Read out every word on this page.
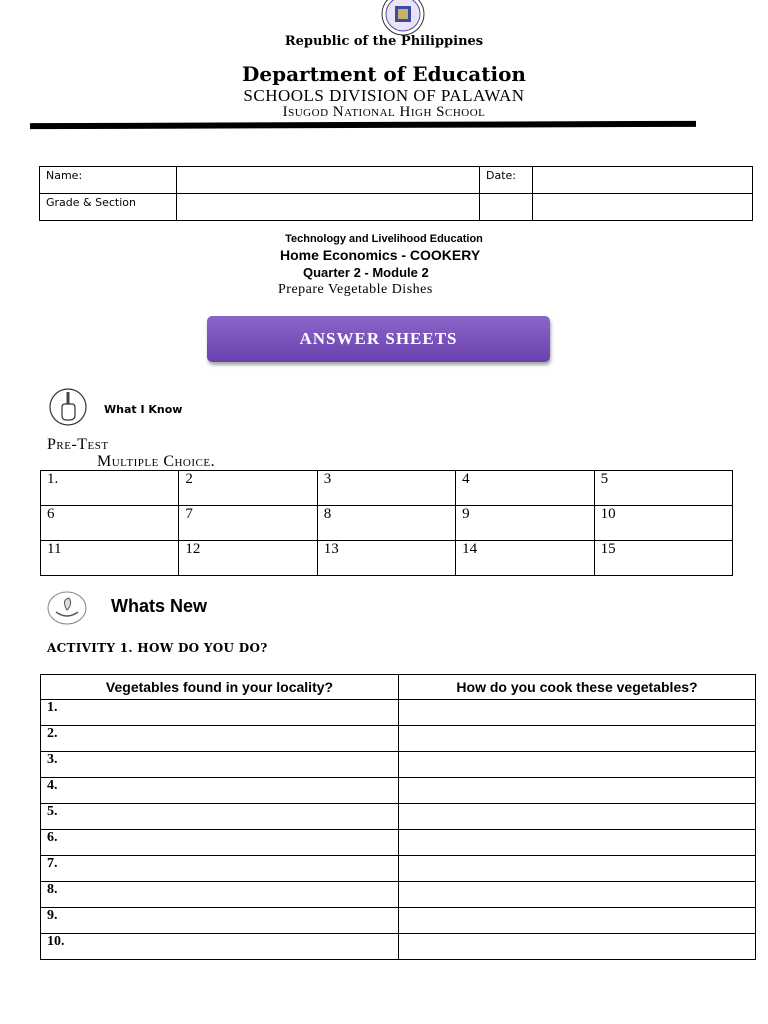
Republic of the Philippines
Department of Education
SCHOOLS DIVISION OF PALAWAN
Isugod National High School
Name:		Date:	
Grade & Section			
Technology and Livelihood Education
Home Economics - COOKERY
Quarter 2 - Module 2
Prepare Vegetable Dishes
ANSWER SHEETS
What I Know
Pre-Test
Multiple Choice.
1.	2	3	4	5
6	7	8	9	10
11	12	13	14	15
Whats New
ACTIVITY 1. HOW DO YOU DO?
Vegetables found in your locality?	How do you cook these vegetables?
1.	
2.	
3.	
4.	
5.	
6.	
7.	
8.	
9.	
10.	
